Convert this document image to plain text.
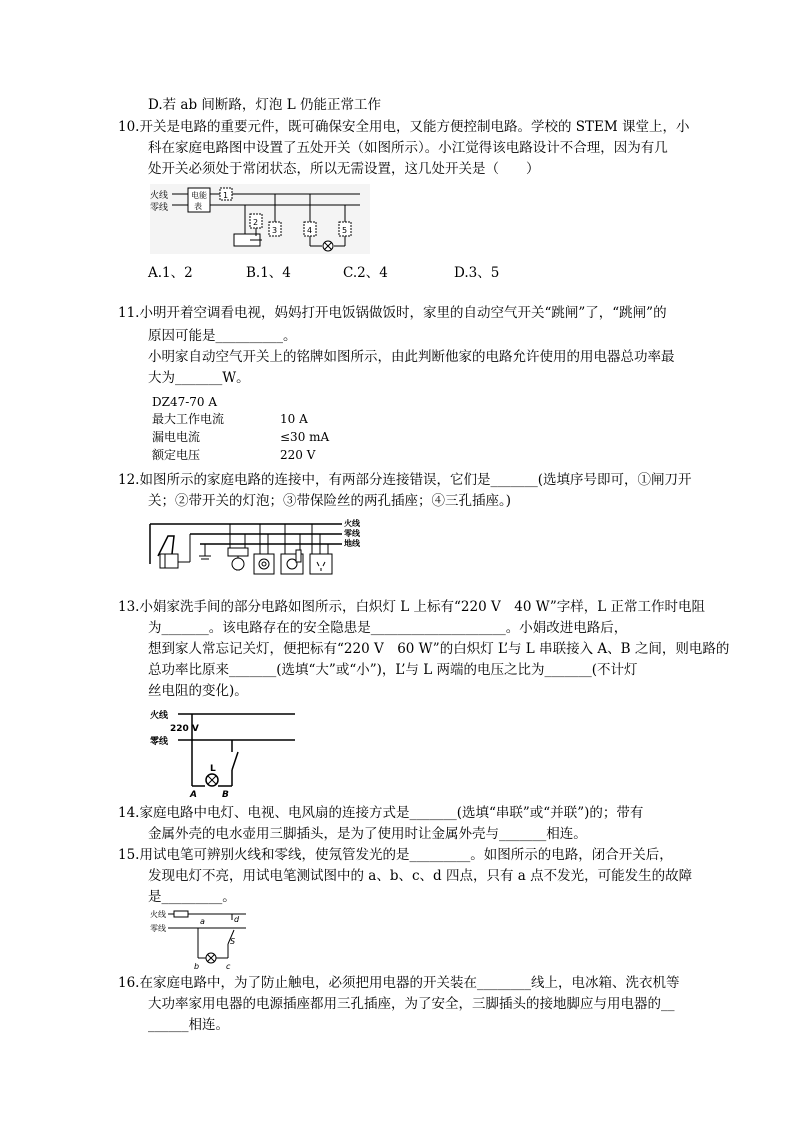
D.若 ab 间断路，灯泡 L 仍能正常工作
10.开关是电路的重要元件，既可确保安全用电，又能方便控制电路。学校的 STEM 课堂上，小
科在家庭电路图中设置了五处开关（如图所示）。小江觉得该电路设计不合理，因为有几
处开关必须处于常闭状态，所以无需设置，这几处开关是（　　）
火线
零线
电能
表
1
2
3	4	5
A.1、2	B.1、4	C.2、4	D.3、5
11.小明开着空调看电视，妈妈打开电饭锅做饭时，家里的自动空气开关“跳闸”了，“跳闸”的
原因可能是__________。
小明家自动空气开关上的铭牌如图所示，由此判断他家的电路允许使用的用电器总功率最
大为_______W。
DZ47-70 A
最大工作电流	10 A
漏电电流	≤30 mA
额定电压	220 V
12.如图所示的家庭电路的连接中，有两部分连接错误，它们是_______(选填序号即可，①闸刀开
关；②带开关的灯泡；③带保险丝的两孔插座；④三孔插座。)
火线
零线
地线
13.小娟家洗手间的部分电路如图所示，白炽灯 L 上标有“220 V　40 W”字样，L 正常工作时电阻
为_______。该电路存在的安全隐患是____________________。小娟改进电路后，
想到家人常忘记关灯，便把标有“220 V　60 W”的白炽灯 L’与 L 串联接入 A、B 之间，则电路的
总功率比原来_______(选填“大”或“小”)，L’与 L 两端的电压之比为_______(不计灯
丝电阻的变化)。
火线
220 V
零线
L
A	B
14.家庭电路中电灯、电视、电风扇的连接方式是_______(选填“串联”或“并联”)的；带有
金属外壳的电水壶用三脚插头，是为了使用时让金属外壳与_______相连。
15.用试电笔可辨别火线和零线，使氖管发光的是_________。如图所示的电路，闭合开关后，
发现电灯不亮，用试电笔测试图中的 a、b、c、d 四点，只有 a 点不发光，可能发生的故障
是_________。
火线
零线
a	d
S
b	c
16.在家庭电路中，为了防止触电，必须把用电器的开关装在________线上，电冰箱、洗衣机等
大功率家用电器的电源插座都用三孔插座，为了安全，三脚插头的接地脚应与用电器的__
______相连。
